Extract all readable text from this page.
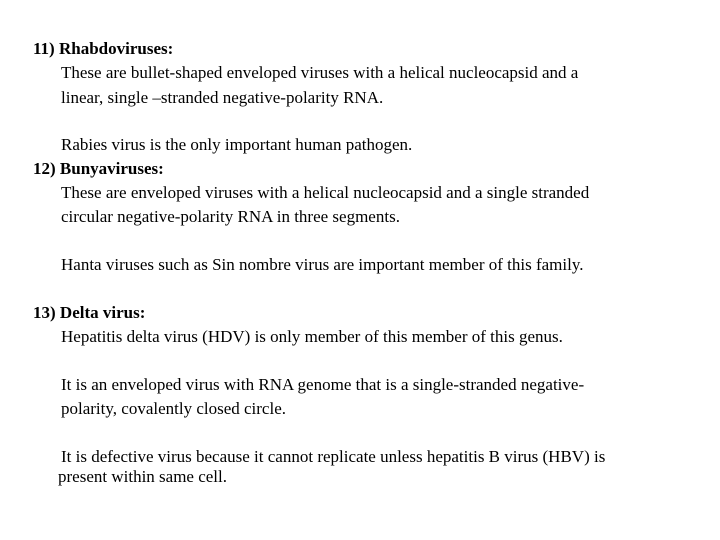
11) Rhabdoviruses:
These are bullet-shaped enveloped viruses with a helical nucleocapsid and a
linear, single –stranded negative-polarity RNA.
Rabies virus is the only important human pathogen.
12) Bunyaviruses:
These are enveloped viruses with a helical nucleocapsid and a single stranded
circular negative-polarity RNA in three segments.
Hanta viruses such as Sin nombre virus are important member of this family.
13) Delta virus:
Hepatitis delta virus (HDV) is only member of this member of this genus.
It is an enveloped virus with RNA genome that is a single-stranded negative-
polarity, covalently closed circle.
It is defective virus because it cannot replicate unless hepatitis B virus (HBV) is
present within same cell.
